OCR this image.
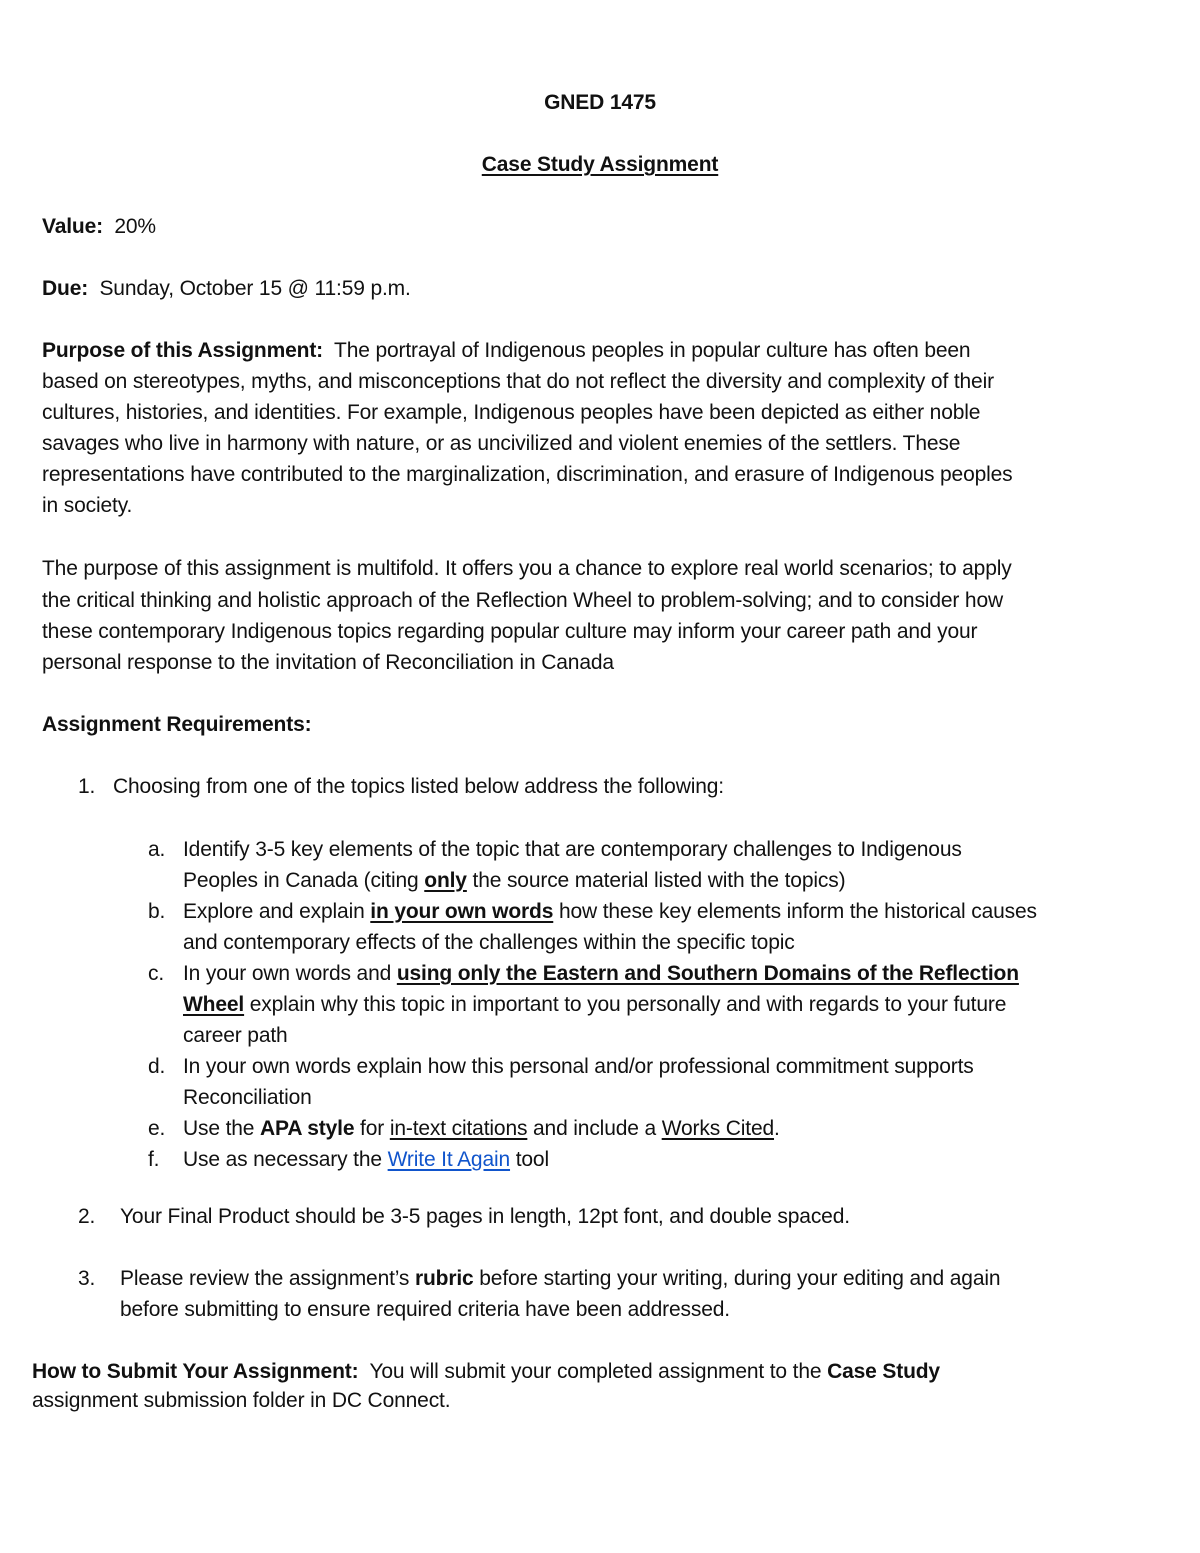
GNED 1475
Case Study Assignment
Value: 20%
Due: Sunday, October 15 @ 11:59 p.m.
Purpose of this Assignment: The portrayal of Indigenous peoples in popular culture has often been
based on stereotypes, myths, and misconceptions that do not reflect the diversity and complexity of their
cultures, histories, and identities. For example, Indigenous peoples have been depicted as either noble
savages who live in harmony with nature, or as uncivilized and violent enemies of the settlers. These
representations have contributed to the marginalization, discrimination, and erasure of Indigenous peoples
in society.
The purpose of this assignment is multifold. It offers you a chance to explore real world scenarios; to apply
the critical thinking and holistic approach of the Reflection Wheel to problem-solving; and to consider how
these contemporary Indigenous topics regarding popular culture may inform your career path and your
personal response to the invitation of Reconciliation in Canada
Assignment Requirements:
1. Choosing from one of the topics listed below address the following:
a. Identify 3-5 key elements of the topic that are contemporary challenges to Indigenous
Peoples in Canada (citing only the source material listed with the topics)
b. Explore and explain in your own words how these key elements inform the historical causes
and contemporary effects of the challenges within the specific topic
c. In your own words and using only the Eastern and Southern Domains of the Reflection
Wheel explain why this topic in important to you personally and with regards to your future
career path
d. In your own words explain how this personal and/or professional commitment supports
Reconciliation
e. Use the APA style for in-text citations and include a Works Cited.
f. Use as necessary the Write It Again tool
2. Your Final Product should be 3-5 pages in length, 12pt font, and double spaced.
3. Please review the assignment’s rubric before starting your writing, during your editing and again
before submitting to ensure required criteria have been addressed.
How to Submit Your Assignment: You will submit your completed assignment to the Case Study
assignment submission folder in DC Connect.
